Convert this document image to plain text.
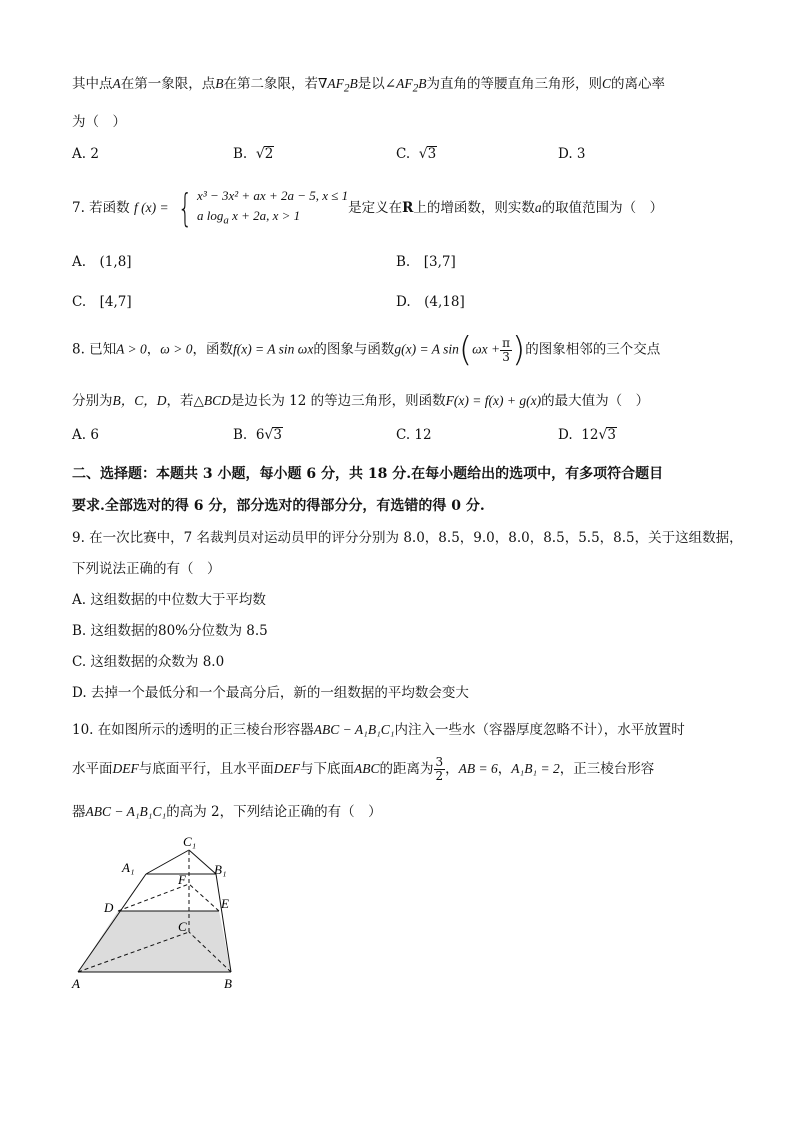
其中点A在第一象限，点B在第二象限，若$\nabla AF_2B$是以$\angle AF_2B$为直角的等腰直角三角形，则C的离心率
为（　）
A. 2	B. √2	C. √3	D. 3
7. 若函数 f (x) = { x³ − 3x² + ax + 2a − 5, x ≤ 1
a $\log_a x + 2a$, x > 1	是定义在R上的增函数，则实数a的取值范围为（　）
A.　(1,8]	B.　[3,7]
C.　[4,7]	D.　(4,18]
8. 已知A > 0，ω > 0，函数f(x) = A sin ωx的图象与函数g(x) = A $\sin(\omega x + \frac{\pi}{3}$ )的图象相邻的三个交点
分别为B，C，D，若△BCD是边长为 12 的等边三角形，则函数F(x) = f(x) + g(x)的最大值为（　）
A. 6	B. 6√3	C. 12	D. 12√3
二、选择题：本题共 3 小题，每小题 6 分，共 18 分.在每小题给出的选项中，有多项符合题目
要求.全部选对的得 6 分，部分选对的得部分分，有选错的得 0 分.
9. 在一次比赛中，7 名裁判员对运动员甲的评分分别为 8.0，8.5，9.0，8.0，8.5，5.5，8.5，关于这组数据，
下列说法正确的有（　）
A. 这组数据的中位数大于平均数
B. 这组数据的80%分位数为 8.5
C. 这组数据的众数为 8.0
D. 去掉一个最低分和一个最高分后，新的一组数据的平均数会变大
10. 在如图所示的透明的正三棱台形容器ABC − A₁B₁C₁内注入一些水（容器厚度忽略不计），水平放置时
水平面DEF与底面平行，且水平面DEF与下底面ABC的距离为 $\frac{3}{2}$ ，AB = 6，A₁B₁ = 2，正三棱台形容
器ABC − A₁B₁C₁的高为 2，下列结论正确的有（　）
C₁
A₁	B₁
F
D	E
C
A	B
